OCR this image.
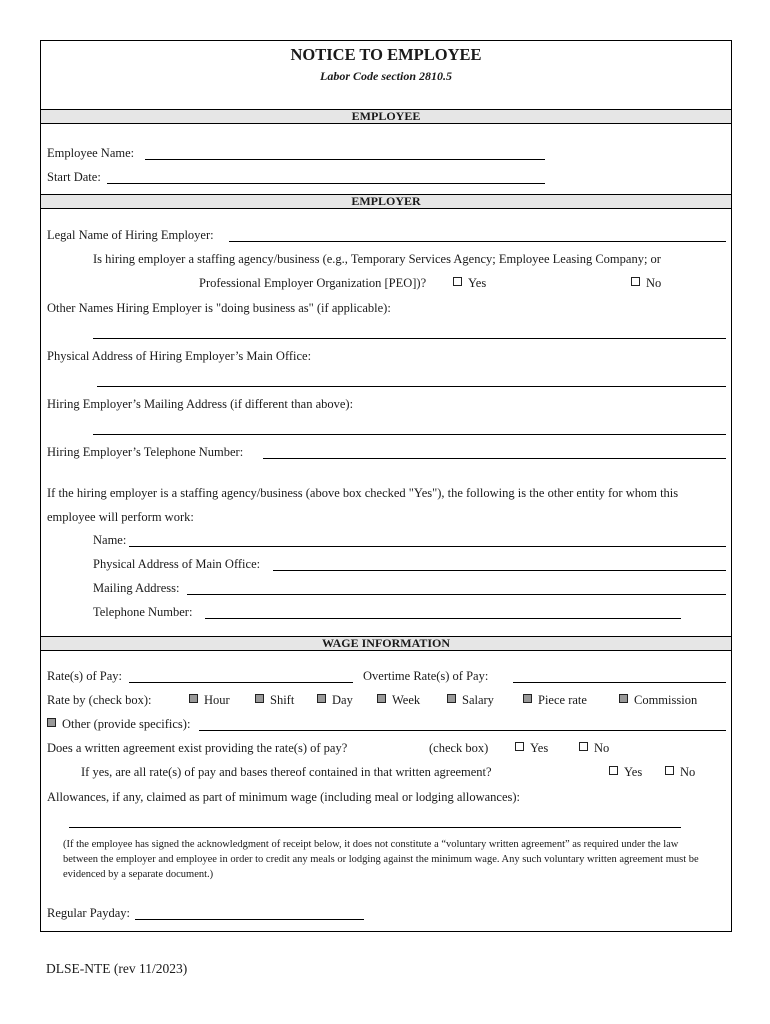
NOTICE TO EMPLOYEE
Labor Code section 2810.5
EMPLOYEE
Employee Name:
Start Date:
EMPLOYER
Legal Name of Hiring Employer:
Is hiring employer a staffing agency/business (e.g., Temporary Services Agency; Employee Leasing Company; or
Professional Employer Organization [PEO])?	Yes	No
Other Names Hiring Employer is "doing business as" (if applicable):
Physical Address of Hiring Employer’s Main Office:
Hiring Employer’s Mailing Address (if different than above):
Hiring Employer’s Telephone Number:
If the hiring employer is a staffing agency/business (above box checked "Yes"), the following is the other entity for whom this
employee will perform work:
Name:
Physical Address of Main Office:
Mailing Address:
Telephone Number:
WAGE INFORMATION
Rate(s) of Pay:	Overtime Rate(s) of Pay:
Rate by (check box):	Hour	Shift	Day	Week	Salary	Piece rate	Commission
Other (provide specifics):
Does a written agreement exist providing the rate(s) of pay?	(check box)	Yes	No
If yes, are all rate(s) of pay and bases thereof contained in that written agreement?	Yes	No
Allowances, if any, claimed as part of minimum wage (including meal or lodging allowances):
(If the employee has signed the acknowledgment of receipt below, it does not constitute a “voluntary written agreement” as required under the law between the employer and employee in order to credit any meals or lodging against the minimum wage. Any such voluntary written agreement must be evidenced by a separate document.)
Regular Payday:
DLSE-NTE (rev 11/2023)
